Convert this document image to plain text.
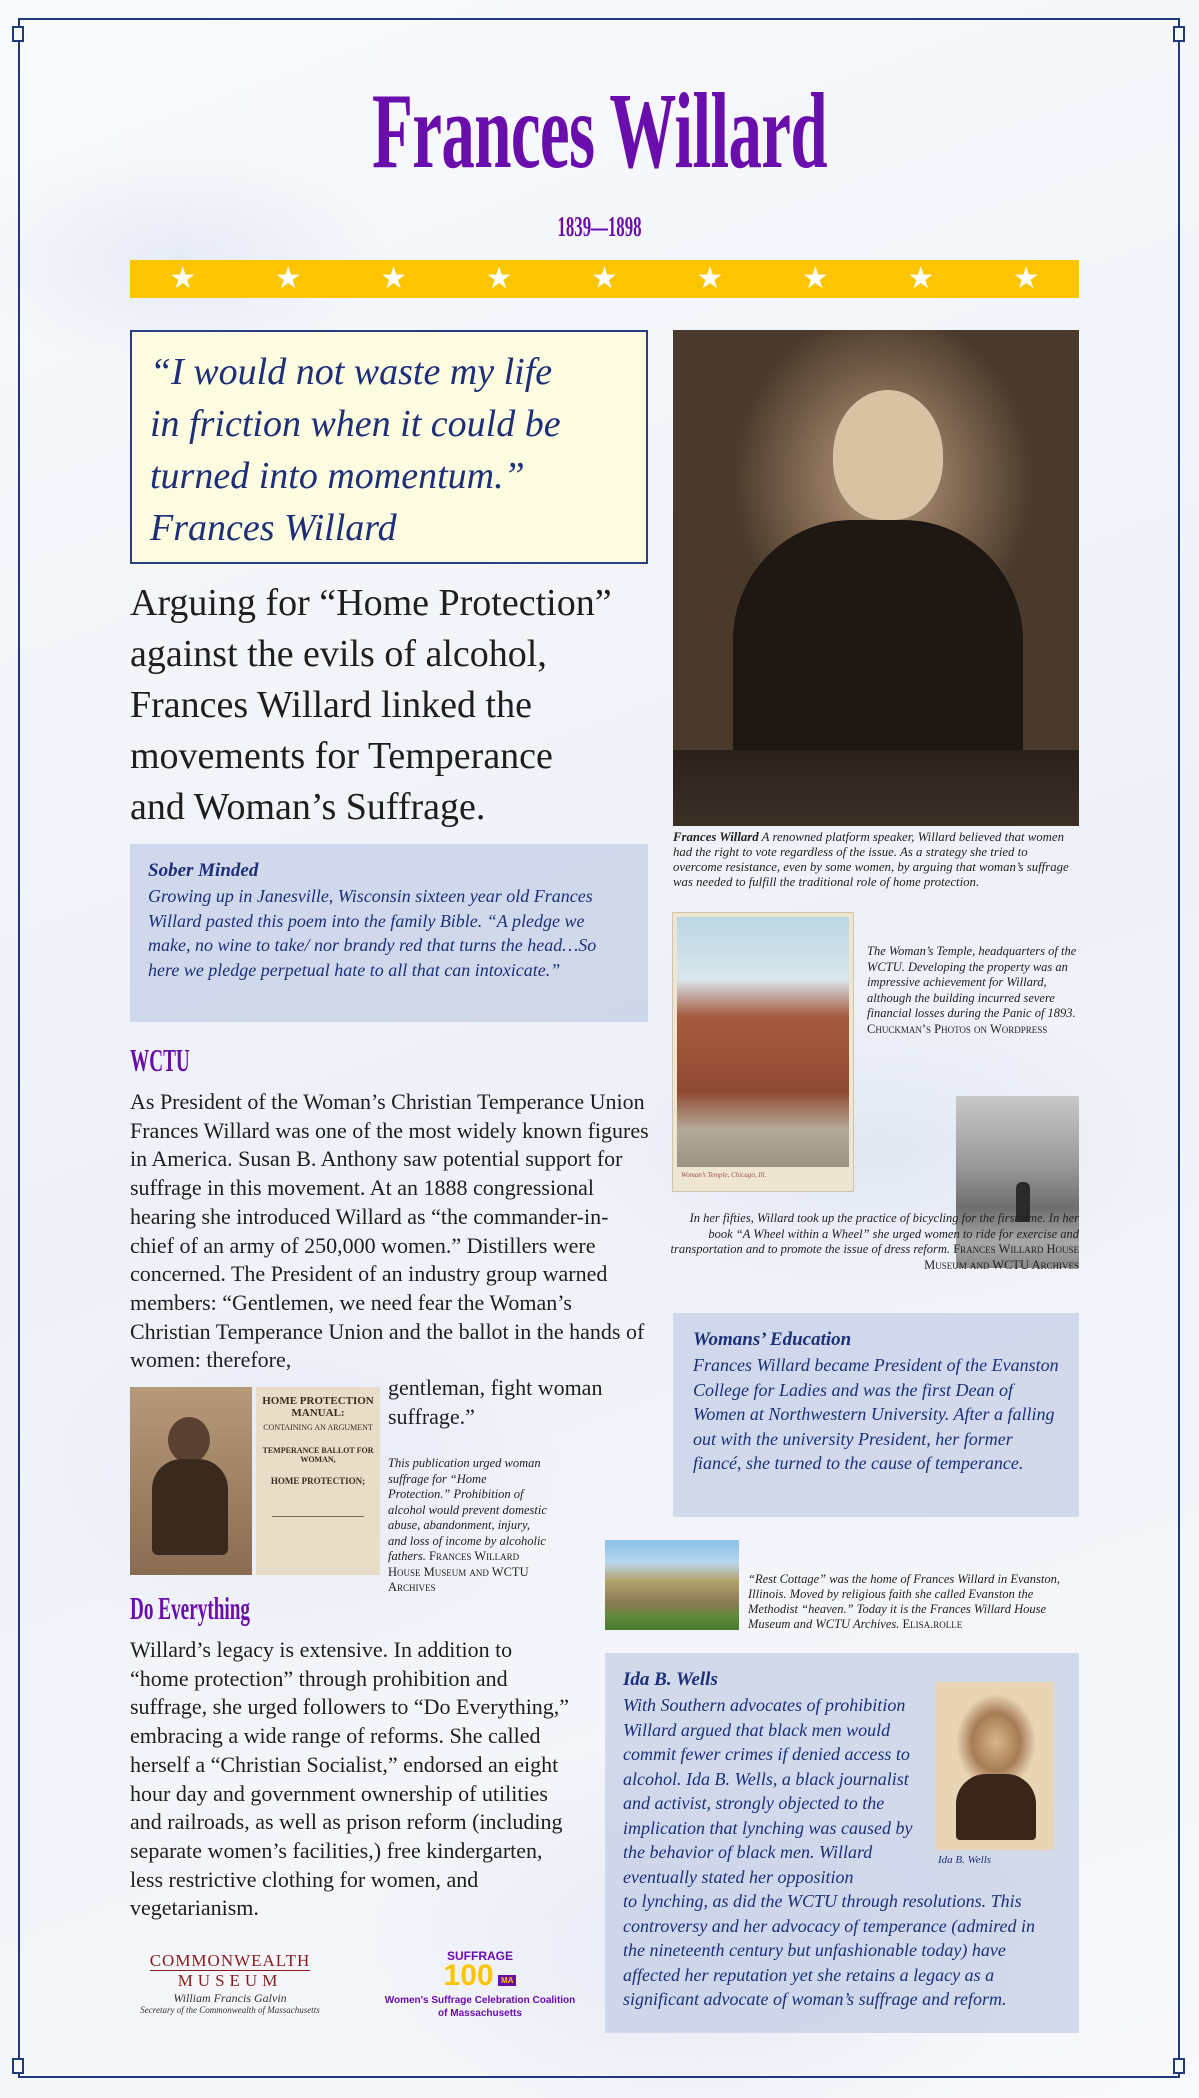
Frances Willard
1839—1898
★	★	★	★	★	★	★	★	★
“I would not waste my life
in friction when it could be
turned into momentum.”
Frances Willard
Arguing for “Home Protection”
against the evils of alcohol,
Frances Willard linked the
movements for Temperance
and Woman’s Suffrage.
Sober Minded
Growing up in Janesville, Wisconsin sixteen year old Frances Willard pasted this poem into the family Bible. “A pledge we make, no wine to take/ nor brandy red that turns the head…So here we pledge perpetual hate to all that can intoxicate.”
WCTU
As President of the Woman’s Christian Temperance Union Frances Willard was one of the most widely known figures in America. Susan B. Anthony saw potential support for suffrage in this movement. At an 1888 congressional hearing she introduced Willard as “the commander-in-chief of an army of 250,000 women.” Distillers were concerned. The President of an industry group warned members: “Gentlemen, we need fear the Woman’s Christian Temperance Union and the ballot in the hands of women: therefore,
gentleman, fight woman suffrage.”
HOME PROTECTION MANUAL:
CONTAINING AN ARGUMENT
TEMPERANCE BALLOT FOR WOMAN,
HOME PROTECTION;
This publication urged woman suffrage for “Home Protection.” Prohibition of alcohol would prevent domestic abuse, abandonment, injury, and loss of income by alcoholic fathers. Frances Willard House Museum and WCTU Archives
Do Everything
Willard’s legacy is extensive. In addition to “home protection” through prohibition and suffrage, she urged followers to “Do Everything,” embracing a wide range of reforms. She called herself a “Christian Socialist,” endorsed an eight hour day and government ownership of utilities and railroads, as well as prison reform (including separate women’s facilities,) free kindergarten, less restrictive clothing for women, and vegetarianism.
COMMONWEALTH
MUSEUM
William Francis Galvin
Secretary of the Commonwealth of Massachusetts
SUFFRAGE
100 MA
Women's Suffrage Celebration Coalition
of Massachusetts
Frances Willard A renowned platform speaker, Willard believed that women had the right to vote regardless of the issue. As a strategy she tried to overcome resistance, even by some women, by arguing that woman’s suffrage was needed to fulfill the traditional role of home protection.
Woman’s Temple, Chicago, Ill.
The Woman’s Temple, headquarters of the WCTU. Developing the property was an impressive achievement for Willard, although the building incurred severe financial losses during the Panic of 1893. Chuckman’s Photos on Wordpress
In her fifties, Willard took up the practice of bicycling for the first time. In her book “A Wheel within a Wheel” she urged women to ride for exercise and transportation and to promote the issue of dress reform. Frances Willard House Museum and WCTU Archives
Womans’ Education
Frances Willard became President of the Evanston College for Ladies and was the first Dean of Women at Northwestern University. After a falling out with the university President, her former fiancé, she turned to the cause of temperance.
“Rest Cottage” was the home of Frances Willard in Evanston, Illinois. Moved by religious faith she called Evanston the Methodist “heaven.” Today it is the Frances Willard House Museum and WCTU Archives. Elisa.rolle
Ida B. Wells
With Southern advocates of prohibition Willard argued that black men would commit fewer crimes if denied access to alcohol. Ida B. Wells, a black journalist and activist, strongly objected to the implication that lynching was caused by the behavior of black men. Willard eventually stated her opposition
to lynching, as did the WCTU through resolutions. This controversy and her advocacy of temperance (admired in the nineteenth century but unfashionable today) have affected her reputation yet she retains a legacy as a significant advocate of woman’s suffrage and reform.
Ida B. Wells
